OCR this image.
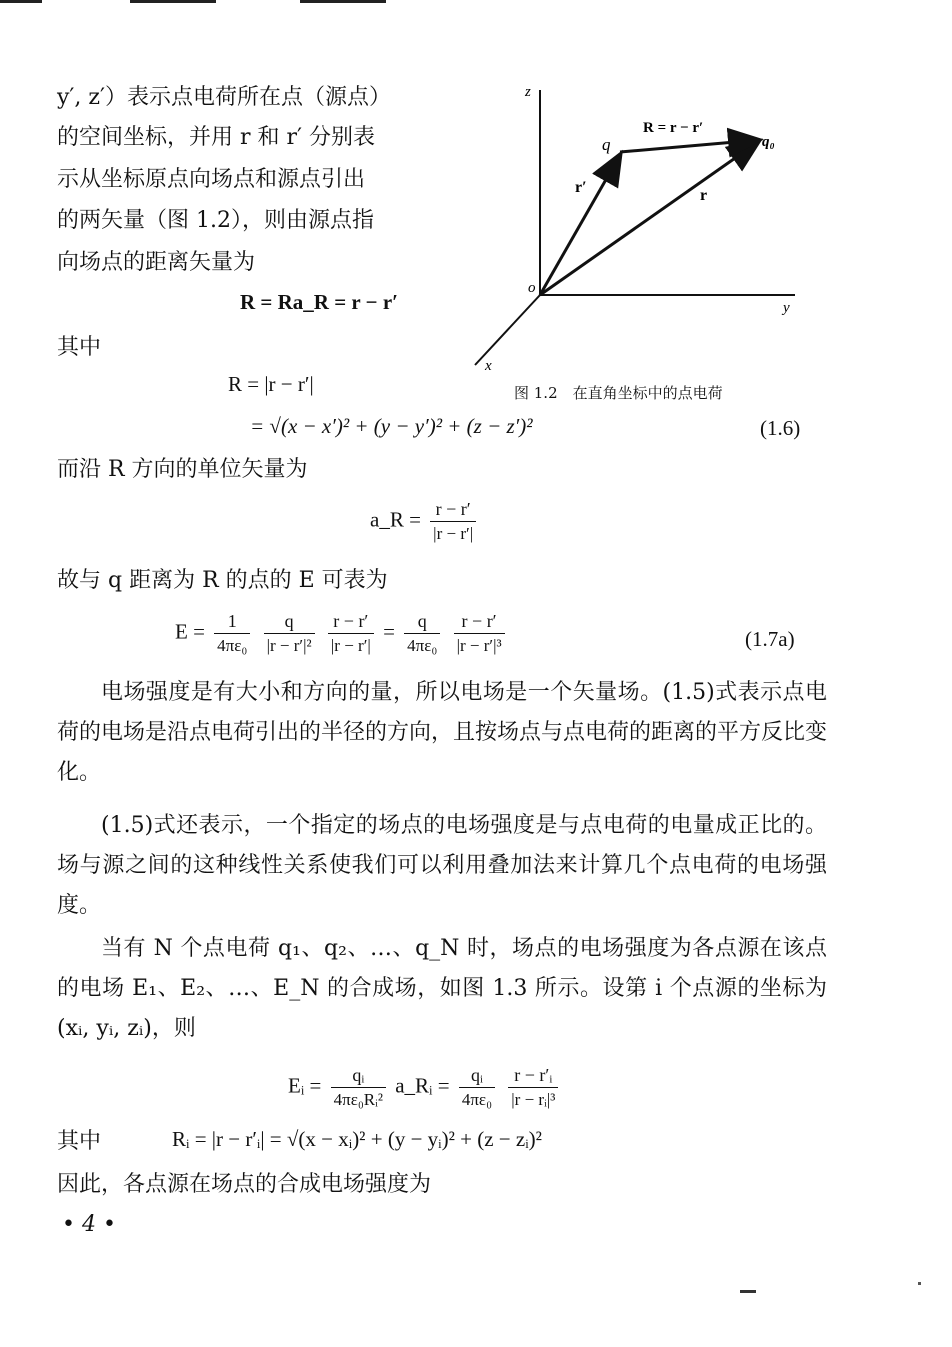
y′, z′）表示点电荷所在点（源点）
的空间坐标，并用 r 和 r′ 分别表
示从坐标原点向场点和源点引出
的两矢量（图 1.2），则由源点指
向场点的距离矢量为
R = Ra_R = r − r′
其中
z
y
x
o
q	q₀
R = r − r′
r
r′
图 1.2　在直角坐标中的点电荷
R = |r − r′|
= √(x − x′)² + (y − y′)² + (z − z′)²	(1.6)
而沿 R 方向的单位矢量为
a_R = $\frac{r - r'}{|r - r'|}$
故与 q 距离为 R 的点的 E 可表为
$E = \frac{1}{\text{4πε₀}}$
$\frac{q}{\text{|r − r′|²}}$
$\frac{r - r'}{|r - r'|} = \frac{q}{\text{4πε₀}}$
$\frac{r - r'}{\text{|r − r′|³}}$	(1.7a)
电场强度是有大小和方向的量，所以电场是一个矢量场。(1.5)式表示点电荷的电场是沿点电荷引出的半径的方向，且按场点与点电荷的距离的平方反比变化。
(1.5)式还表示，一个指定的场点的电场强度是与点电荷的电量成正比的。场与源之间的这种线性关系使我们可以利用叠加法来计算几个点电荷的电场强度。
当有 N 个点电荷 q₁、q₂、…、q_N 时，场点的电场强度为各点源在该点的电场 E₁、E₂、…、E_N 的合成场，如图 1.3 所示。设第 i 个点源的坐标为 (xᵢ, yᵢ, zᵢ)，则
Eᵢ = $\frac{\text{qᵢ}}{\text{4πε₀Rᵢ²}}$ a_Rᵢ = $\frac{\text{qᵢ}}{\text{4πε₀}}$
$\frac{\text{r − r′ᵢ}}{\text{|r − rᵢ|³}}$
其中	Rᵢ = |r − r′ᵢ| = √(x − xᵢ)² + (y − yᵢ)² + (z − zᵢ)²
因此，各点源在场点的合成电场强度为
• 4 •
